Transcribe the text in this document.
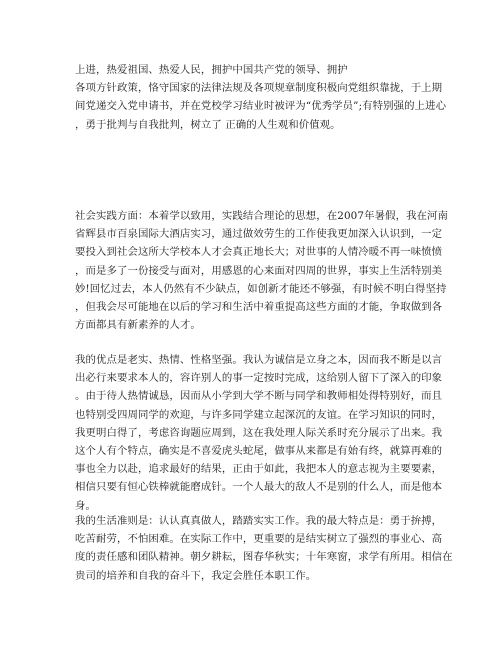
上进，热爱祖国、热爱人民，拥护中国共产党的领导、拥护
各项方针政策，恪守国家的法律法规及各项规章制度积极向党组织靠拢，于上期
间党递交入党申请书，并在党校学习结业时被评为“优秀学员”;有特别强的上进心
，勇于批判与自我批判，树立了 正确的人生观和价值观。
社会实践方面：本着学以致用，实践结合理论的思想，在2007年暑假，我在河南
省辉县市百泉国际大酒店实习，通过做效劳生的工作使我更加深入认识到，一定
要投入到社会这所大学校本人才会真正地长大；对世事的人情冷暖不再一味愤愤
，而是多了一份接受与面对，用感恩的心来面对四周的世界，事实上生活特别美
妙!回忆过去，本人仍然有不少缺点，如创新才能还不够强，有时候不明白得坚持
，但我会尽可能地在以后的学习和生活中着重提高这些方面的才能，争取做到各
方面都具有新素养的人才。
我的优点是老实、热情、性格坚强。我认为诚信是立身之本，因而我不断是以言
出必行来要求本人的，容许别人的事一定按时完成，这给别人留下了深入的印象
。由于待人热情诚恳，因而从小学到大学不断与同学和教师相处得特别好，而且
也特别受四周同学的欢迎，与许多同学建立起深沉的友谊。在学习知识的同时，
我更明白得了，考虑咨询题应周到，这在我处理人际关系时充分展示了出来。我
这个人有个特点，确实是不喜爱虎头蛇尾，做事从来都是有始有终，就算再难的
事也全力以赴，追求最好的结果，正由于如此，我把本人的意志视为主要要素，
相信只要有恒心铁棒就能磨成针。一个人最大的敌人不是别的什么人，而是他本
身。
我的生活准则是：认认真真做人，踏踏实实工作。我的最大特点是：勇于拚搏，
吃苦耐劳，不怕困难。在实际工作中，更重要的是结实树立了强烈的事业心、高
度的责任感和团队精神。朝夕耕耘，图春华秋实；十年寒窗，求学有所用。相信在
贵司的培养和自我的奋斗下，我定会胜任本职工作。
